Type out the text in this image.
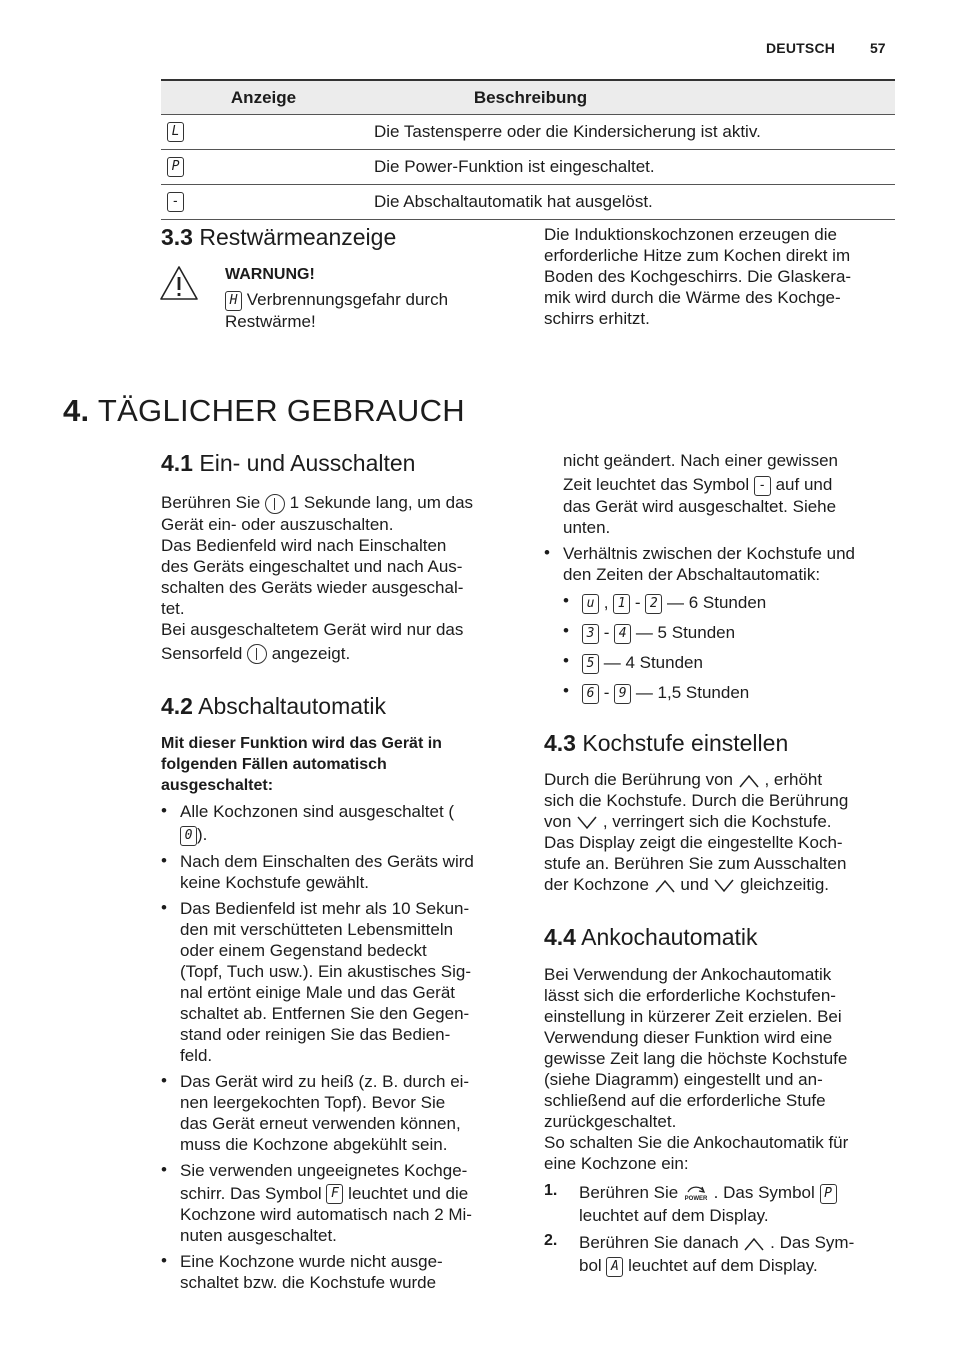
DEUTSCH 57
Anzeige	Beschreibung
L	Die Tastensperre oder die Kindersicherung ist aktiv.
P	Die Power-Funktion ist eingeschaltet.
-	Die Abschaltautomatik hat ausgelöst.
3.3 Restwärmeanzeige
WARNUNG!
H Verbrennungsgefahr durch
Restwärme!
Die Induktionskochzonen erzeugen die
erforderliche Hitze zum Kochen direkt im
Boden des Kochgeschirrs. Die Glaskera-
mik wird durch die Wärme des Kochge-
schirrs erhitzt.
4. TÄGLICHER GEBRAUCH
4.1 Ein- und Ausschalten
Berühren Sie  1 Sekunde lang, um das
Gerät ein- oder auszuschalten.
Das Bedienfeld wird nach Einschalten
des Geräts eingeschaltet und nach Aus-
schalten des Geräts wieder ausgeschal-
tet.
Bei ausgeschaltetem Gerät wird nur das
Sensorfeld  angezeigt.
4.2 Abschaltautomatik
Mit dieser Funktion wird das Gerät in
folgenden Fällen automatisch
ausgeschaltet:
• Alle Kochzonen sind ausgeschaltet (
0 ).
• Nach dem Einschalten des Geräts wird
keine Kochstufe gewählt.
• Das Bedienfeld ist mehr als 10 Sekun-
den mit verschütteten Lebensmitteln
oder einem Gegenstand bedeckt
(Topf, Tuch usw.). Ein akustisches Sig-
nal ertönt einige Male und das Gerät
schaltet ab. Entfernen Sie den Gegen-
stand oder reinigen Sie das Bedien-
feld.
• Das Gerät wird zu heiß (z. B. durch ei-
nen leergekochten Topf). Bevor Sie
das Gerät erneut verwenden können,
muss die Kochzone abgekühlt sein.
• Sie verwenden ungeeignetes Kochge-
schirr. Das Symbol F leuchtet und die
Kochzone wird automatisch nach 2 Mi-
nuten ausgeschaltet.
• Eine Kochzone wurde nicht ausge-
schaltet bzw. die Kochstufe wurde
nicht geändert. Nach einer gewissen
Zeit leuchtet das Symbol - auf und
das Gerät wird ausgeschaltet. Siehe
unten.
• Verhältnis zwischen der Kochstufe und
den Zeiten der Abschaltautomatik:
• u , 1 - 2 — 6 Stunden
• 3 - 4 — 5 Stunden
• 5 — 4 Stunden
• 6 - 9 — 1,5 Stunden
4.3 Kochstufe einstellen
Durch die Berührung von  , erhöht
sich die Kochstufe. Durch die Berührung
von  , verringert sich die Kochstufe.
Das Display zeigt die eingestellte Koch-
stufe an. Berühren Sie zum Ausschalten
der Kochzone  und  gleichzeitig.
4.4 Ankochautomatik
Bei Verwendung der Ankochautomatik
lässt sich die erforderliche Kochstufen-
einstellung in kürzerer Zeit erzielen. Bei
Verwendung dieser Funktion wird eine
gewisse Zeit lang die höchste Kochstufe
(siehe Diagramm) eingestellt und an-
schließend auf die erforderliche Stufe
zurückgeschaltet.
So schalten Sie die Ankochautomatik für
eine Kochzone ein:
1. Berühren Sie POWER . Das Symbol P
leuchtet auf dem Display.
2. Berühren Sie danach  . Das Sym-
bol A leuchtet auf dem Display.
